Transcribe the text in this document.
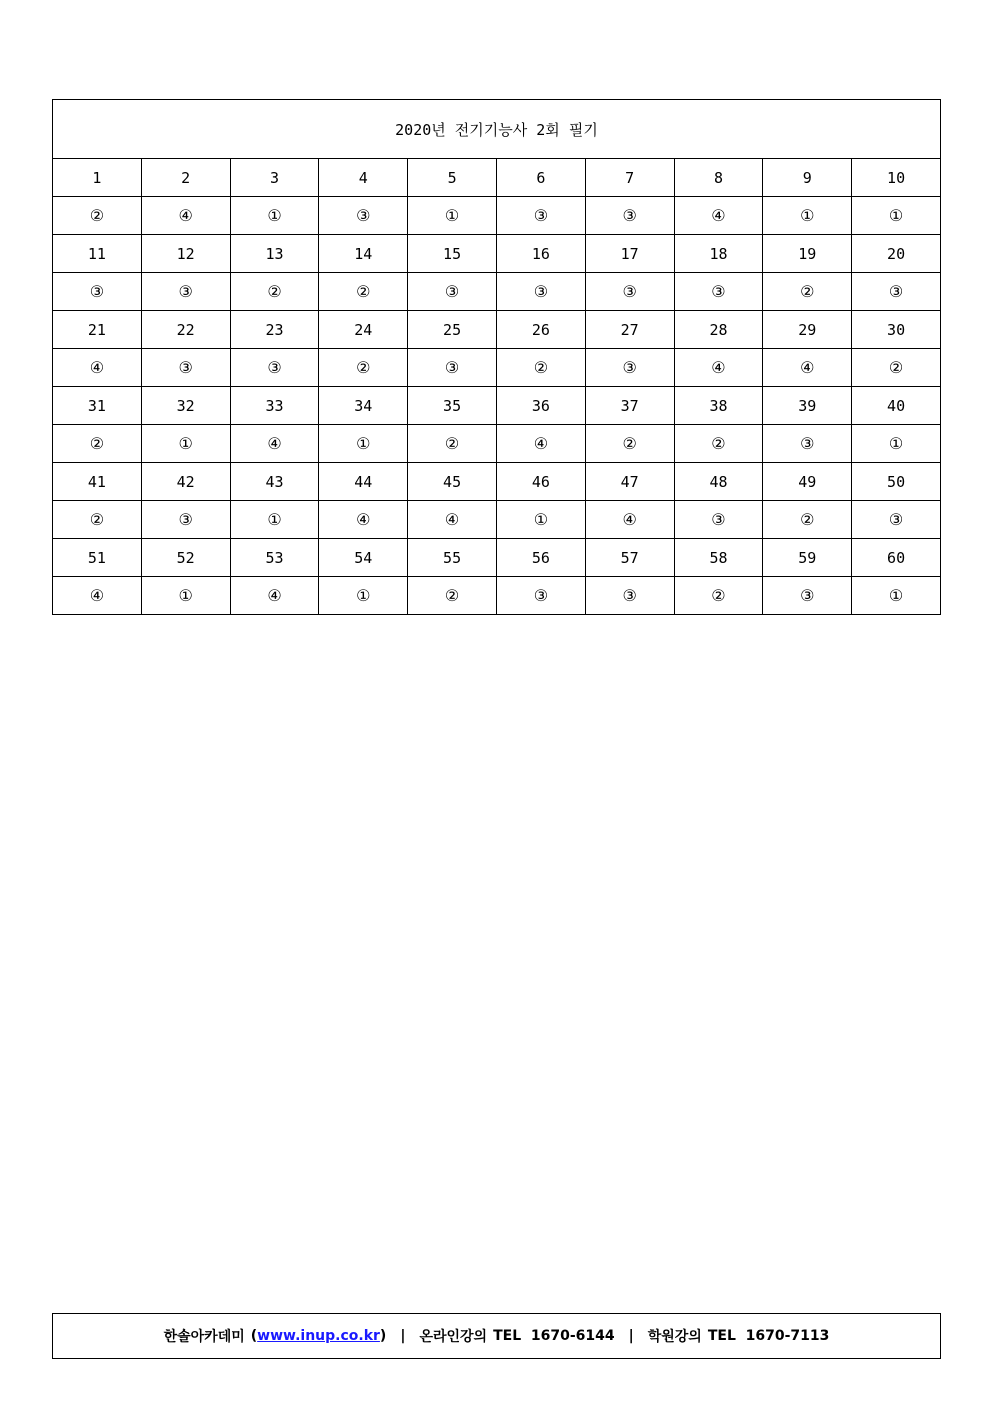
2020년 전기기능사 2회 필기									
1	2	3	4	5	6	7	8	9	10
②	④	①	③	①	③	③	④	①	①
11	12	13	14	15	16	17	18	19	20
③	③	②	②	③	③	③	③	②	③
21	22	23	24	25	26	27	28	29	30
④	③	③	②	③	②	③	④	④	②
31	32	33	34	35	36	37	38	39	40
②	①	④	①	②	④	②	②	③	①
41	42	43	44	45	46	47	48	49	50
②	③	①	④	④	①	④	③	②	③
51	52	53	54	55	56	57	58	59	60
④	①	④	①	②	③	③	②	③	①
한솔아카데미 ( www.inup.co.kr ) | 온라인강의 TEL  1670-6144 | 학원강의 TEL  1670-7113
